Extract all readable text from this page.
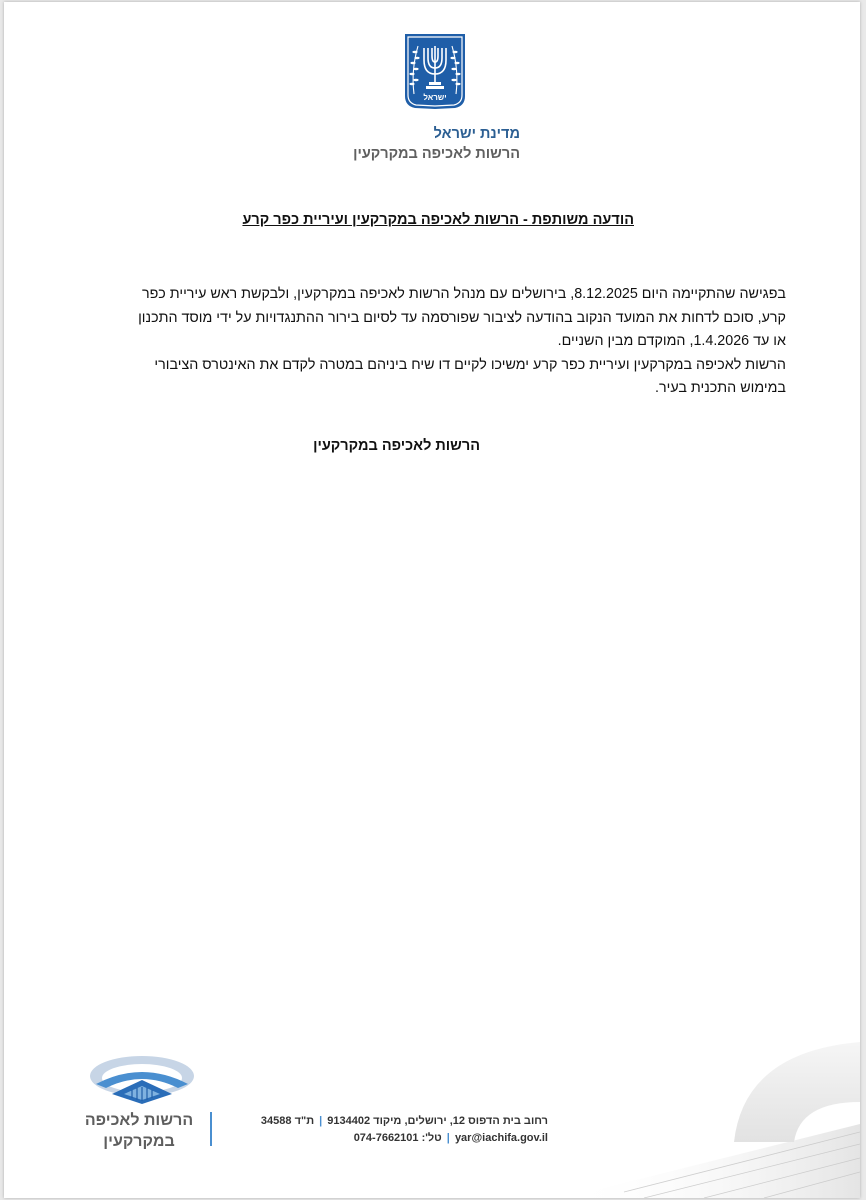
ישראל
מדינת ישראל
הרשות לאכיפה במקרקעין
הודעה משותפת - הרשות לאכיפה במקרקעין ועיריית כפר קרע
בפגישה שהתקיימה היום 8.12.2025, בירושלים עם מנהל הרשות לאכיפה במקרקעין, ולבקשת ראש עיריית כפר
קרע, סוכם לדחות את המועד הנקוב בהודעה לציבור שפורסמה עד לסיום בירור ההתנגדויות על ידי מוסד התכנון
או עד 1.4.2026, המוקדם מבין השניים.
הרשות לאכיפה במקרקעין ועיריית כפר קרע ימשיכו לקיים דו שיח ביניהם במטרה לקדם את האינטרס הציבורי
במימוש התכנית בעיר.
הרשות לאכיפה במקרקעין
הרשות לאכיפה
במקרקעין
רחוב בית הדפוס 12, ירושלים, מיקוד 9134402 | ת"ד 34588
yar@iachifa.gov.il | טל': 074-7662101
